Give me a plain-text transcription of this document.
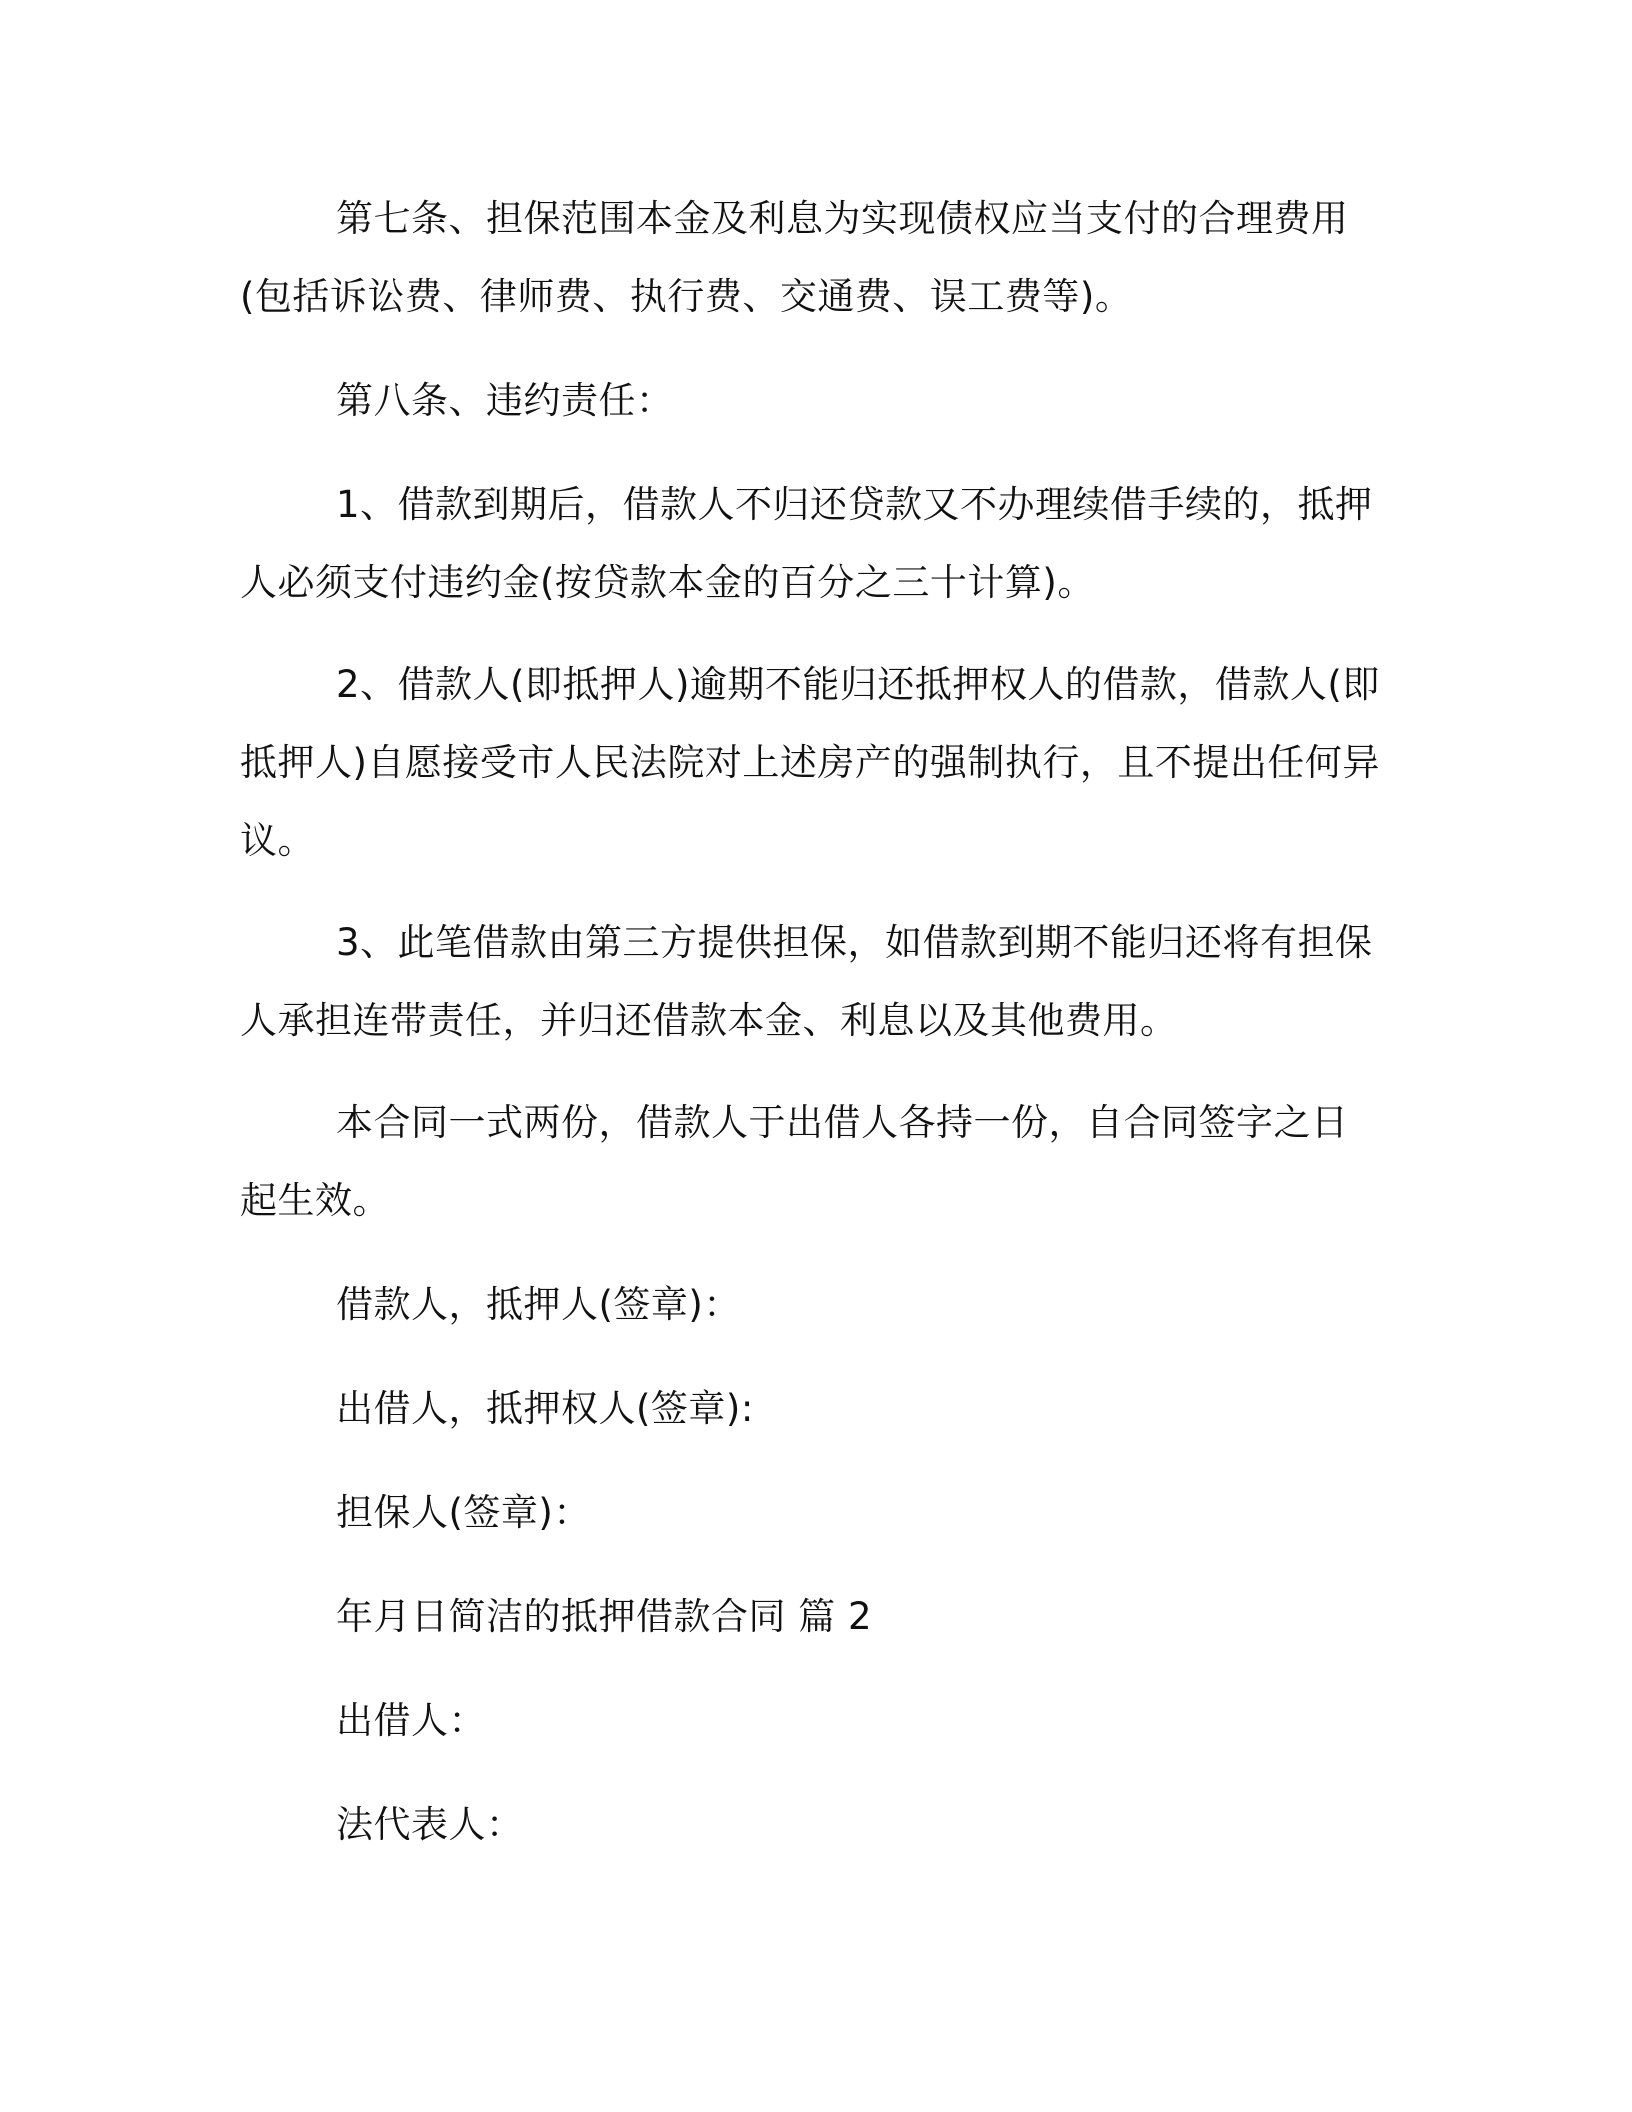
第七条、担保范围本金及利息为实现债权应当支付的合理费用(包括诉讼费、律师费、执行费、交通费、误工费等)。

第八条、违约责任：

1、借款到期后，借款人不归还贷款又不办理续借手续的，抵押人必须支付违约金(按贷款本金的百分之三十计算)。

2、借款人(即抵押人)逾期不能归还抵押权人的借款，借款人(即抵押人)自愿接受市人民法院对上述房产的强制执行，且不提出任何异议。

3、此笔借款由第三方提供担保，如借款到期不能归还将有担保人承担连带责任，并归还借款本金、利息以及其他费用。

本合同一式两份，借款人于出借人各持一份，自合同签字之日起生效。

借款人，抵押人(签章)：

出借人，抵押权人(签章):

担保人(签章)：

年月日简洁的抵押借款合同 篇 2

出借人：

法代表人：
